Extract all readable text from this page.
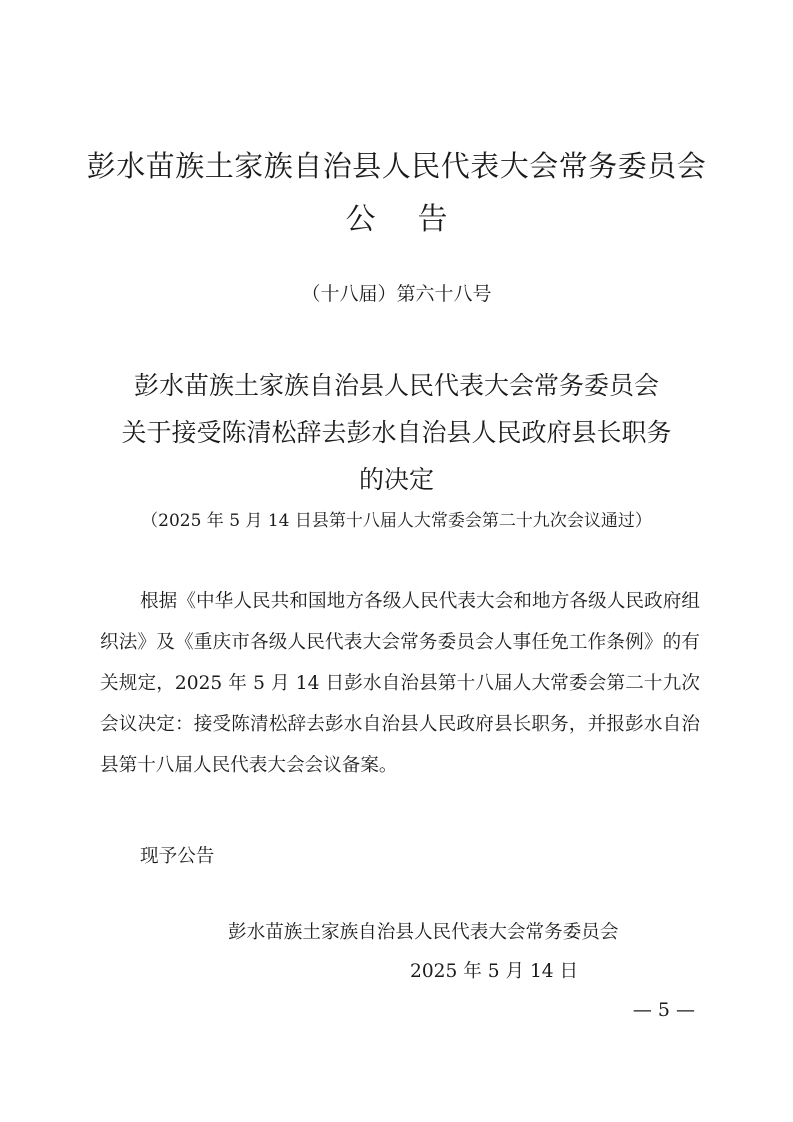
彭水苗族土家族自治县人民代表大会常务委员会
公告
（十八届）第六十八号
彭水苗族土家族自治县人民代表大会常务委员会
关于接受陈清松辞去彭水自治县人民政府县长职务
的决定
（2025 年 5 月 14 日县第十八届人大常委会第二十九次会议通过）
根据《中华人民共和国地方各级人民代表大会和地方各级人民政府组织法》及《重庆市各级人民代表大会常务委员会人事任免工作条例》的有关规定，2025 年 5 月 14 日彭水自治县第十八届人大常委会第二十九次会议决定：接受陈清松辞去彭水自治县人民政府县长职务，并报彭水自治县第十八届人民代表大会会议备案。
现予公告
彭水苗族土家族自治县人民代表大会常务委员会
2025 年 5 月 14 日
— 5 —
